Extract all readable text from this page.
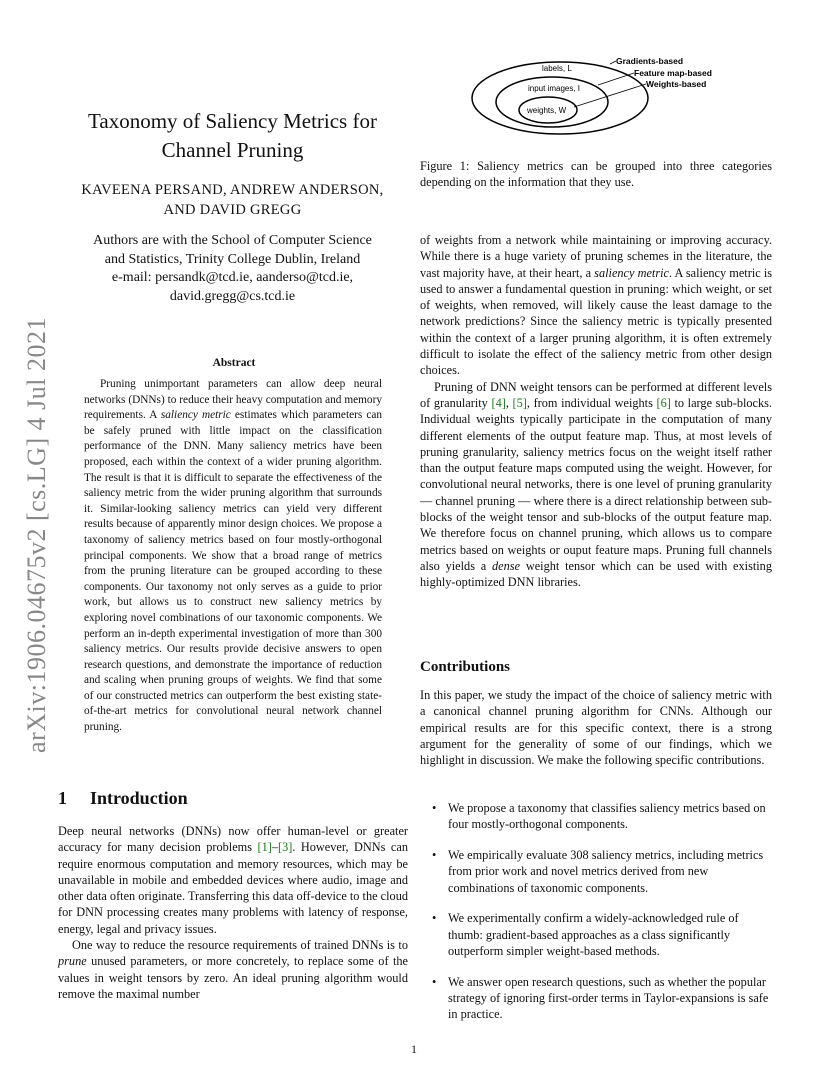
arXiv:1906.04675v2 [cs.LG] 4 Jul 2021
Taxonomy of Saliency Metrics for
Channel Pruning
KAVEENA PERSAND, ANDREW ANDERSON,
AND DAVID GREGG
Authors are with the School of Computer Science
and Statistics, Trinity College Dublin, Ireland
e-mail: persandk@tcd.ie, aanderso@tcd.ie,
david.gregg@cs.tcd.ie
Abstract
Pruning unimportant parameters can allow deep neural networks (DNNs) to reduce their heavy computation and memory requirements. A saliency metric estimates which parameters can be safely pruned with little impact on the classification performance of the DNN. Many saliency metrics have been proposed, each within the context of a wider pruning algorithm. The result is that it is difficult to separate the effectiveness of the saliency metric from the wider pruning algorithm that surrounds it. Similar-looking saliency metrics can yield very different results because of apparently minor design choices. We propose a taxonomy of saliency metrics based on four mostly-orthogonal principal components. We show that a broad range of metrics from the pruning literature can be grouped according to these components. Our taxonomy not only serves as a guide to prior work, but allows us to construct new saliency metrics by exploring novel combinations of our taxonomic components. We perform an in-depth experimental investigation of more than 300 saliency metrics. Our results provide decisive answers to open research questions, and demonstrate the importance of reduction and scaling when pruning groups of weights. We find that some of our constructed metrics can outperform the best existing state-of-the-art metrics for convolutional neural network channel pruning.
1 Introduction

Deep neural networks (DNNs) now offer human-level or greater accuracy for many decision problems [1]–[3]. However, DNNs can require enormous computation and memory resources, which may be unavailable in mobile and embedded devices where audio, image and other data often originate. Transferring this data off-device to the cloud for DNN processing creates many problems with latency of response, energy, legal and privacy issues.

One way to reduce the resource requirements of trained DNNs is to prune unused parameters, or more concretely, to replace some of the values in weight tensors by zero. An ideal pruning algorithm would remove the maximal number

Gradients-based
Feature map-based
Weights-based
labels, L
input images, I
weights, W
Figure 1: Saliency metrics can be grouped into three categories depending on the information that they use.

of weights from a network while maintaining or improving accuracy. While there is a huge variety of pruning schemes in the literature, the vast majority have, at their heart, a saliency metric. A saliency metric is used to answer a fundamental question in pruning: which weight, or set of weights, when removed, will likely cause the least damage to the network predictions? Since the saliency metric is typically presented within the context of a larger pruning algorithm, it is often extremely difficult to isolate the effect of the saliency metric from other design choices.

Pruning of DNN weight tensors can be performed at different levels of granularity [4], [5], from individual weights [6] to large sub-blocks. Individual weights typically participate in the computation of many different elements of the output feature map. Thus, at most levels of pruning granularity, saliency metrics focus on the weight itself rather than the output feature maps computed using the weight. However, for convolutional neural networks, there is one level of pruning granularity — channel pruning — where there is a direct relationship between sub-blocks of the weight tensor and sub-blocks of the output feature map. We therefore focus on channel pruning, which allows us to compare metrics based on weights or ouput feature maps. Pruning full channels also yields a dense weight tensor which can be used with existing highly-optimized DNN libraries.

Contributions
In this paper, we study the impact of the choice of saliency metric with a canonical channel pruning algorithm for CNNs. Although our empirical results are for this specific context, there is a strong argument for the generality of some of our findings, which we highlight in discussion. We make the following specific contributions.
• We propose a taxonomy that classifies saliency metrics based on four mostly-orthogonal components.
• We empirically evaluate 308 saliency metrics, including metrics from prior work and novel metrics derived from new combinations of taxonomic components.
• We experimentally confirm a widely-acknowledged rule of thumb: gradient-based approaches as a class significantly outperform simpler weight-based methods.
• We answer open research questions, such as whether the popular strategy of ignoring first-order terms in Taylor-expansions is safe in practice.
1
